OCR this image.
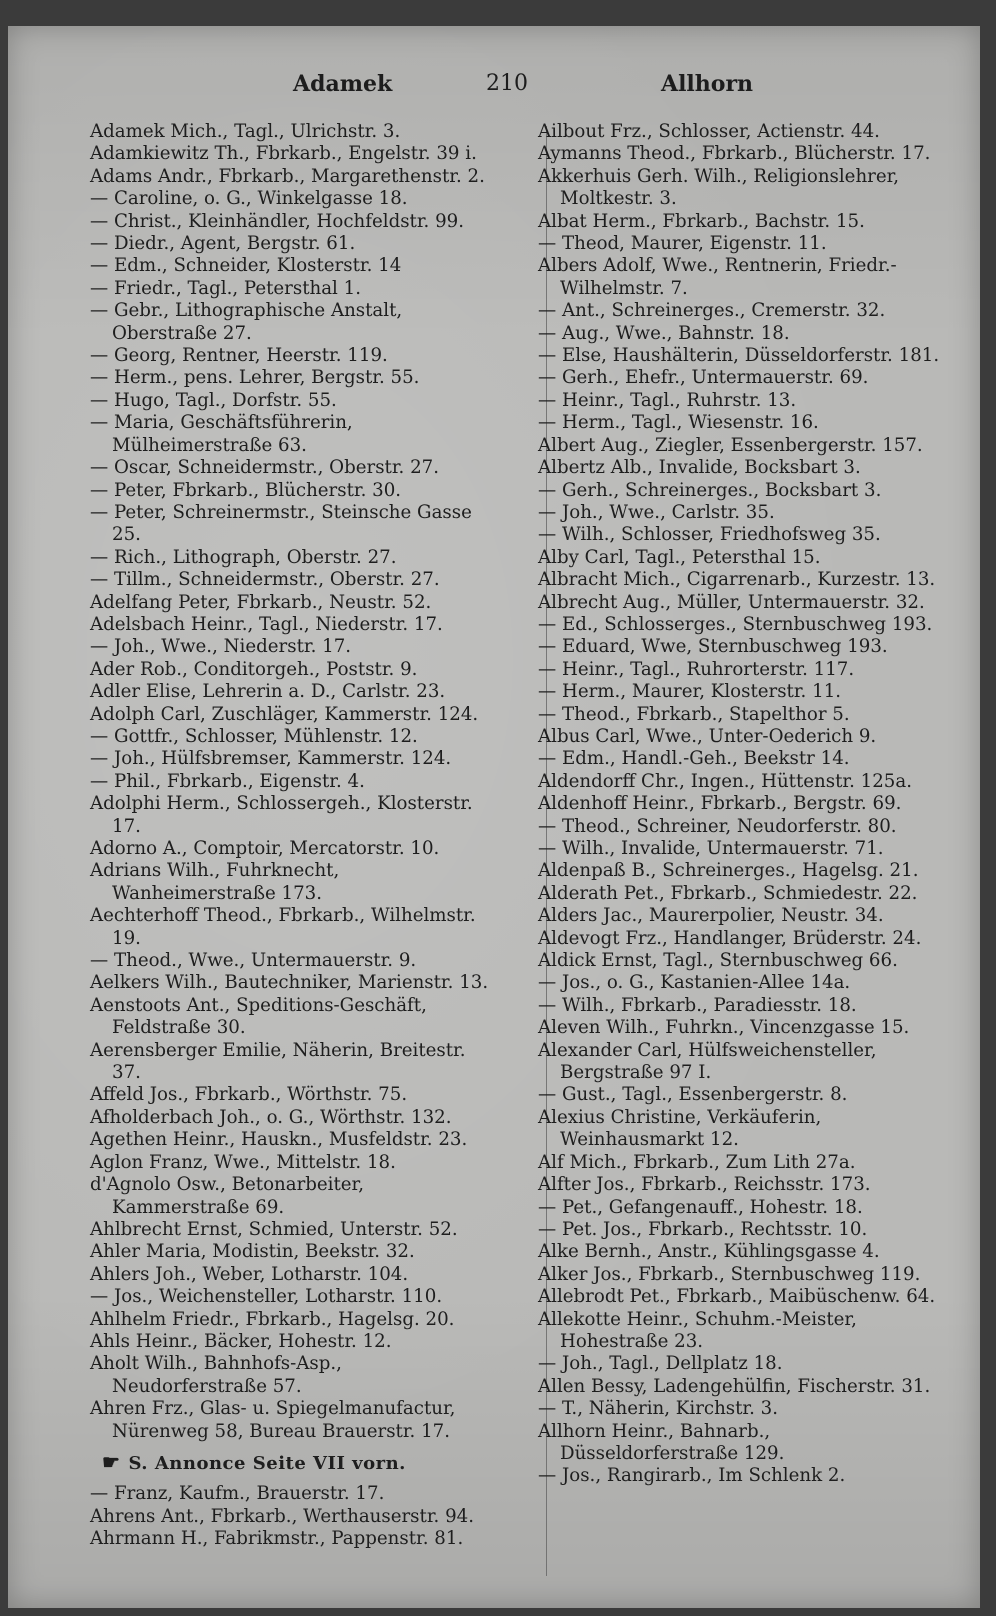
Adamek	210	Allhorn
Adamek Mich., Tagl., Ulrichstr. 3.
Adamkiewitz Th., Fbrkarb., Engelstr. 39 i.
Adams Andr., Fbrkarb., Margarethenstr. 2.
— Caroline, o. G., Winkelgasse 18.
— Christ., Kleinhändler, Hochfeldstr. 99.
— Diedr., Agent, Bergstr. 61.
— Edm., Schneider, Klosterstr. 14
— Friedr., Tagl., Petersthal 1.
— Gebr., Lithographische Anstalt, Oberstraße 27.
— Georg, Rentner, Heerstr. 119.
— Herm., pens. Lehrer, Bergstr. 55.
— Hugo, Tagl., Dorfstr. 55.
— Maria, Geschäftsführerin, Mülheimerstraße 63.
— Oscar, Schneidermstr., Oberstr. 27.
— Peter, Fbrkarb., Blücherstr. 30.
— Peter, Schreinermstr., Steinsche Gasse 25.
— Rich., Lithograph, Oberstr. 27.
— Tillm., Schneidermstr., Oberstr. 27.
Adelfang Peter, Fbrkarb., Neustr. 52.
Adelsbach Heinr., Tagl., Niederstr. 17.
— Joh., Wwe., Niederstr. 17.
Ader Rob., Conditorgeh., Poststr. 9.
Adler Elise, Lehrerin a. D., Carlstr. 23.
Adolph Carl, Zuschläger, Kammerstr. 124.
— Gottfr., Schlosser, Mühlenstr. 12.
— Joh., Hülfsbremser, Kammerstr. 124.
— Phil., Fbrkarb., Eigenstr. 4.
Adolphi Herm., Schlossergeh., Klosterstr. 17.
Adorno A., Comptoir, Mercatorstr. 10.
Adrians Wilh., Fuhrknecht, Wanheimerstraße 173.
Aechterhoff Theod., Fbrkarb., Wilhelmstr. 19.
— Theod., Wwe., Untermauerstr. 9.
Aelkers Wilh., Bautechniker, Marienstr. 13.
Aenstoots Ant., Speditions-Geschäft, Feldstraße 30.
Aerensberger Emilie, Näherin, Breitestr. 37.
Affeld Jos., Fbrkarb., Wörthstr. 75.
Afholderbach Joh., o. G., Wörthstr. 132.
Agethen Heinr., Hauskn., Musfeldstr. 23.
Aglon Franz, Wwe., Mittelstr. 18.
d'Agnolo Osw., Betonarbeiter, Kammerstraße 69.
Ahlbrecht Ernst, Schmied, Unterstr. 52.
Ahler Maria, Modistin, Beekstr. 32.
Ahlers Joh., Weber, Lotharstr. 104.
— Jos., Weichensteller, Lotharstr. 110.
Ahlhelm Friedr., Fbrkarb., Hagelsg. 20.
Ahls Heinr., Bäcker, Hohestr. 12.
Aholt Wilh., Bahnhofs-Asp., Neudorferstraße 57.
Ahren Frz., Glas- u. Spiegelmanufactur, Nürenweg 58, Bureau Brauerstr. 17.
☛ S. Annonce Seite VII vorn.
— Franz, Kaufm., Brauerstr. 17.
Ahrens Ant., Fbrkarb., Werthauserstr. 94.
Ahrmann H., Fabrikmstr., Pappenstr. 81.
Ailbout Frz., Schlosser, Actienstr. 44.
Aymanns Theod., Fbrkarb., Blücherstr. 17.
Akkerhuis Gerh. Wilh., Religionslehrer, Moltkestr. 3.
Albat Herm., Fbrkarb., Bachstr. 15.
— Theod, Maurer, Eigenstr. 11.
Albers Adolf, Wwe., Rentnerin, Friedr.-Wilhelmstr. 7.
— Ant., Schreinerges., Cremerstr. 32.
— Aug., Wwe., Bahnstr. 18.
— Else, Haushälterin, Düsseldorferstr. 181.
— Gerh., Ehefr., Untermauerstr. 69.
— Heinr., Tagl., Ruhrstr. 13.
— Herm., Tagl., Wiesenstr. 16.
Albert Aug., Ziegler, Essenbergerstr. 157.
Albertz Alb., Invalide, Bocksbart 3.
— Gerh., Schreinerges., Bocksbart 3.
— Joh., Wwe., Carlstr. 35.
— Wilh., Schlosser, Friedhofsweg 35.
Alby Carl, Tagl., Petersthal 15.
Albracht Mich., Cigarrenarb., Kurzestr. 13.
Albrecht Aug., Müller, Untermauerstr. 32.
— Ed., Schlosserges., Sternbuschweg 193.
— Eduard, Wwe, Sternbuschweg 193.
— Heinr., Tagl., Ruhrorterstr. 117.
— Herm., Maurer, Klosterstr. 11.
— Theod., Fbrkarb., Stapelthor 5.
Albus Carl, Wwe., Unter-Oederich 9.
— Edm., Handl.-Geh., Beekstr 14.
Aldendorff Chr., Ingen., Hüttenstr. 125a.
Aldenhoff Heinr., Fbrkarb., Bergstr. 69.
— Theod., Schreiner, Neudorferstr. 80.
— Wilh., Invalide, Untermauerstr. 71.
Aldenpaß B., Schreinerges., Hagelsg. 21.
Alderath Pet., Fbrkarb., Schmiedestr. 22.
Alders Jac., Maurerpolier, Neustr. 34.
Aldevogt Frz., Handlanger, Brüderstr. 24.
Aldick Ernst, Tagl., Sternbuschweg 66.
— Jos., o. G., Kastanien-Allee 14a.
— Wilh., Fbrkarb., Paradiesstr. 18.
Aleven Wilh., Fuhrkn., Vincenzgasse 15.
Alexander Carl, Hülfsweichensteller, Bergstraße 97 I.
— Gust., Tagl., Essenbergerstr. 8.
Alexius Christine, Verkäuferin, Weinhausmarkt 12.
Alf Mich., Fbrkarb., Zum Lith 27a.
Alfter Jos., Fbrkarb., Reichsstr. 173.
— Pet., Gefangenauff., Hohestr. 18.
— Pet. Jos., Fbrkarb., Rechtsstr. 10.
Alke Bernh., Anstr., Kühlingsgasse 4.
Alker Jos., Fbrkarb., Sternbuschweg 119.
Allebrodt Pet., Fbrkarb., Maibüschenw. 64.
Allekotte Heinr., Schuhm.-Meister, Hohestraße 23.
— Joh., Tagl., Dellplatz 18.
Allen Bessy, Ladengehülfin, Fischerstr. 31.
— T., Näherin, Kirchstr. 3.
Allhorn Heinr., Bahnarb., Düsseldorferstraße 129.
— Jos., Rangirarb., Im Schlenk 2.
